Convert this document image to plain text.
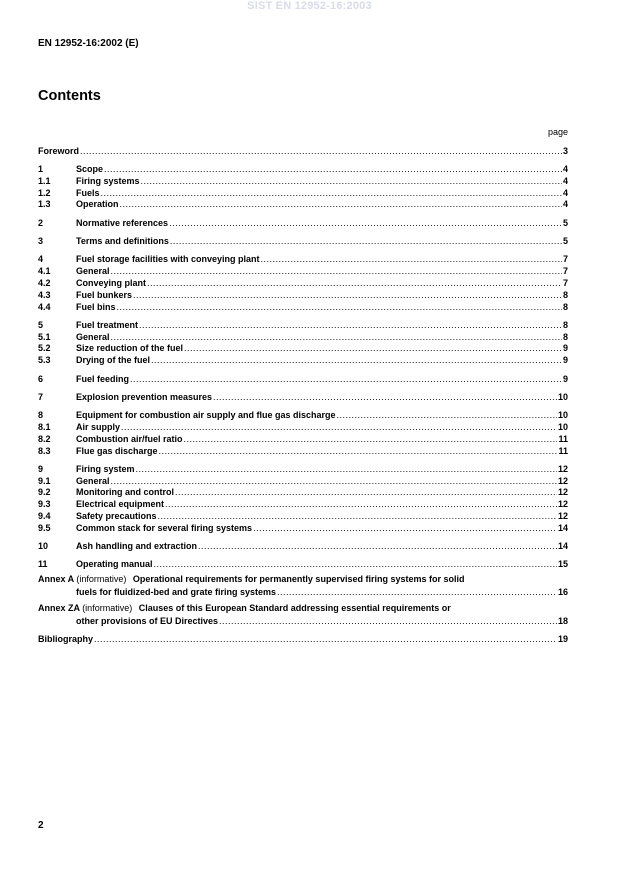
SIST EN 12952-16:2003
EN 12952-16:2002 (E)
Contents
page
Foreword .....	3
1	Scope .....	4
1.1	Firing systems .....	4
1.2	Fuels .....	4
1.3	Operation .....	4
2	Normative references .....	5
3	Terms and definitions .....	5
4	Fuel storage facilities with conveying plant .....	7
4.1	General .....	7
4.2	Conveying plant .....	7
4.3	Fuel bunkers .....	8
4.4	Fuel bins .....	8
5	Fuel treatment .....	8
5.1	General .....	8
5.2	Size reduction of the fuel .....	9
5.3	Drying of the fuel .....	9
6	Fuel feeding .....	9
7	Explosion prevention measures .....	10
8	Equipment for combustion air supply and flue gas discharge .....	10
8.1	Air supply .....	10
8.2	Combustion air/fuel ratio .....	11
8.3	Flue gas discharge .....	11
9	Firing system .....	12
9.1	General .....	12
9.2	Monitoring and control .....	12
9.3	Electrical equipment .....	12
9.4	Safety precautions .....	12
9.5	Common stack for several firing systems .....	14
10	Ash handling and extraction .....	14
11	Operating manual .....	15
Annex A (informative) Operational requirements for permanently supervised firing systems for solid
fuels for fluidized-bed and grate firing systems .....	16
Annex ZA (informative) Clauses of this European Standard addressing essential requirements or
other provisions of EU Directives .....	18
Bibliography .....	19
2
